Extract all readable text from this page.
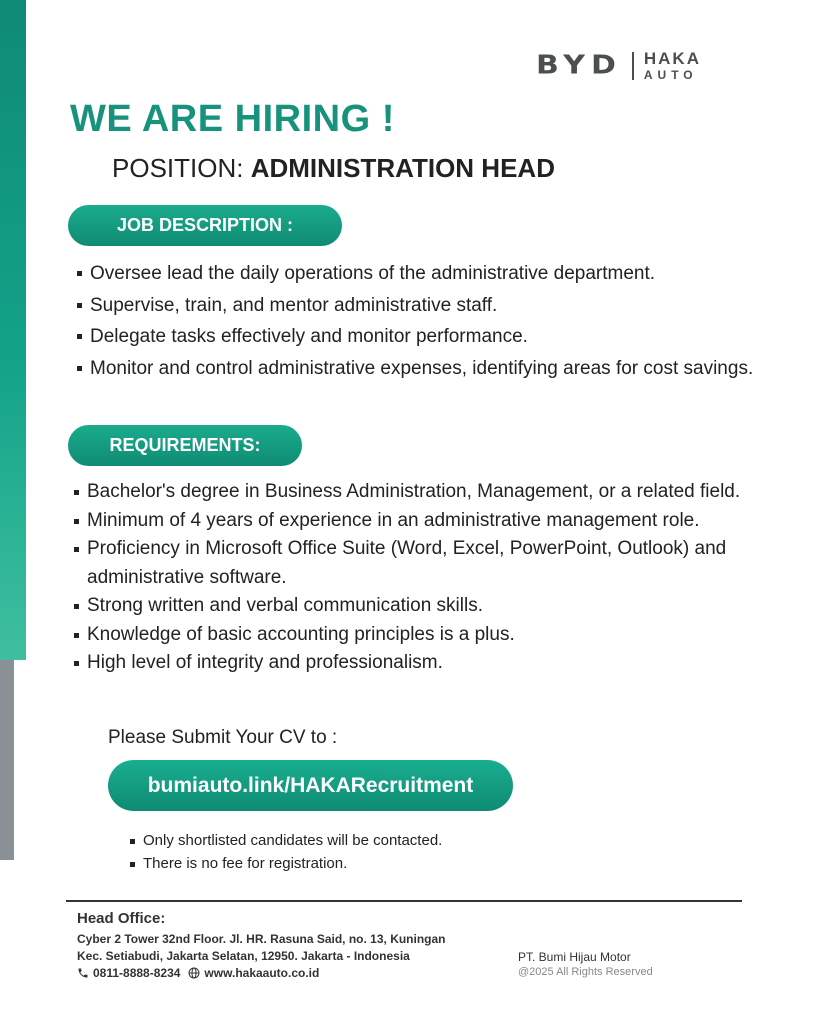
BYD HAKA
AUTO
WE ARE HIRING !
POSITION: ADMINISTRATION HEAD
JOB DESCRIPTION :
Oversee lead the daily operations of the administrative department.
Supervise, train, and mentor administrative staff.
Delegate tasks effectively and monitor performance.
Monitor and control administrative expenses, identifying areas for cost savings.
REQUIREMENTS:
Bachelor's degree in Business Administration, Management, or a related field.
Minimum of 4 years of experience in an administrative management role.
Proficiency in Microsoft Office Suite (Word, Excel, PowerPoint, Outlook) and administrative software.
Strong written and verbal communication skills.
Knowledge of basic accounting principles is a plus.
High level of integrity and professionalism.
Please Submit Your CV to :
bumiauto.link/HAKARecruitment
Only shortlisted candidates will be contacted.
There is no fee for registration.
Head Office:
Cyber 2 Tower 32nd Floor. Jl. HR. Rasuna Said, no. 13, Kuningan
Kec. Setiabudi, Jakarta Selatan, 12950. Jakarta - Indonesia
0811-8888-8234 www.hakaauto.co.id
PT. Bumi Hijau Motor
@2025 All Rights Reserved
